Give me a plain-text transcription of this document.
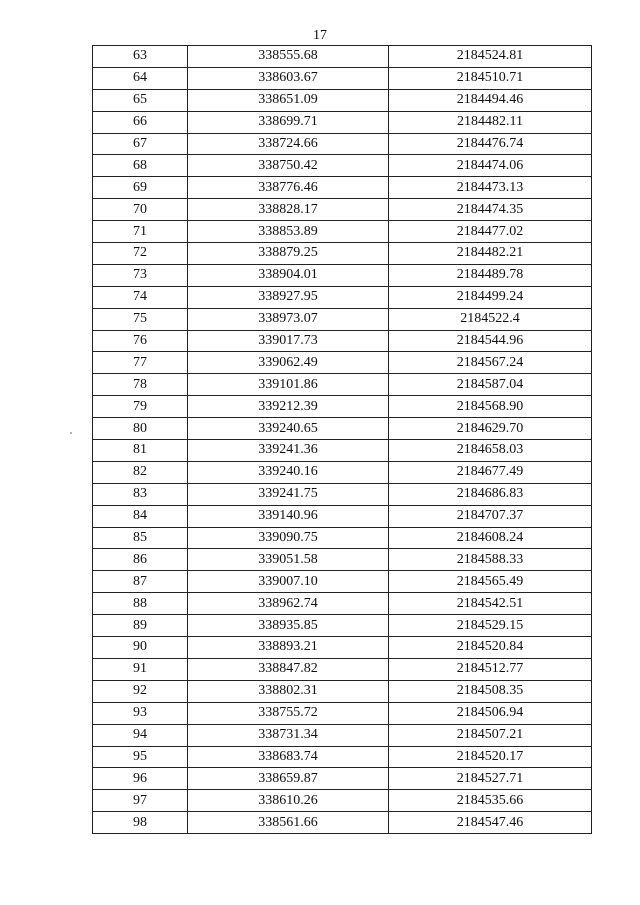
17
63	338555.68	2184524.81
64	338603.67	2184510.71
65	338651.09	2184494.46
66	338699.71	2184482.11
67	338724.66	2184476.74
68	338750.42	2184474.06
69	338776.46	2184473.13
70	338828.17	2184474.35
71	338853.89	2184477.02
72	338879.25	2184482.21
73	338904.01	2184489.78
74	338927.95	2184499.24
75	338973.07	2184522.4
76	339017.73	2184544.96
77	339062.49	2184567.24
78	339101.86	2184587.04
79	339212.39	2184568.90
80	339240.65	2184629.70
81	339241.36	2184658.03
82	339240.16	2184677.49
83	339241.75	2184686.83
84	339140.96	2184707.37
85	339090.75	2184608.24
86	339051.58	2184588.33
87	339007.10	2184565.49
88	338962.74	2184542.51
89	338935.85	2184529.15
90	338893.21	2184520.84
91	338847.82	2184512.77
92	338802.31	2184508.35
93	338755.72	2184506.94
94	338731.34	2184507.21
95	338683.74	2184520.17
96	338659.87	2184527.71
97	338610.26	2184535.66
98	338561.66	2184547.46
